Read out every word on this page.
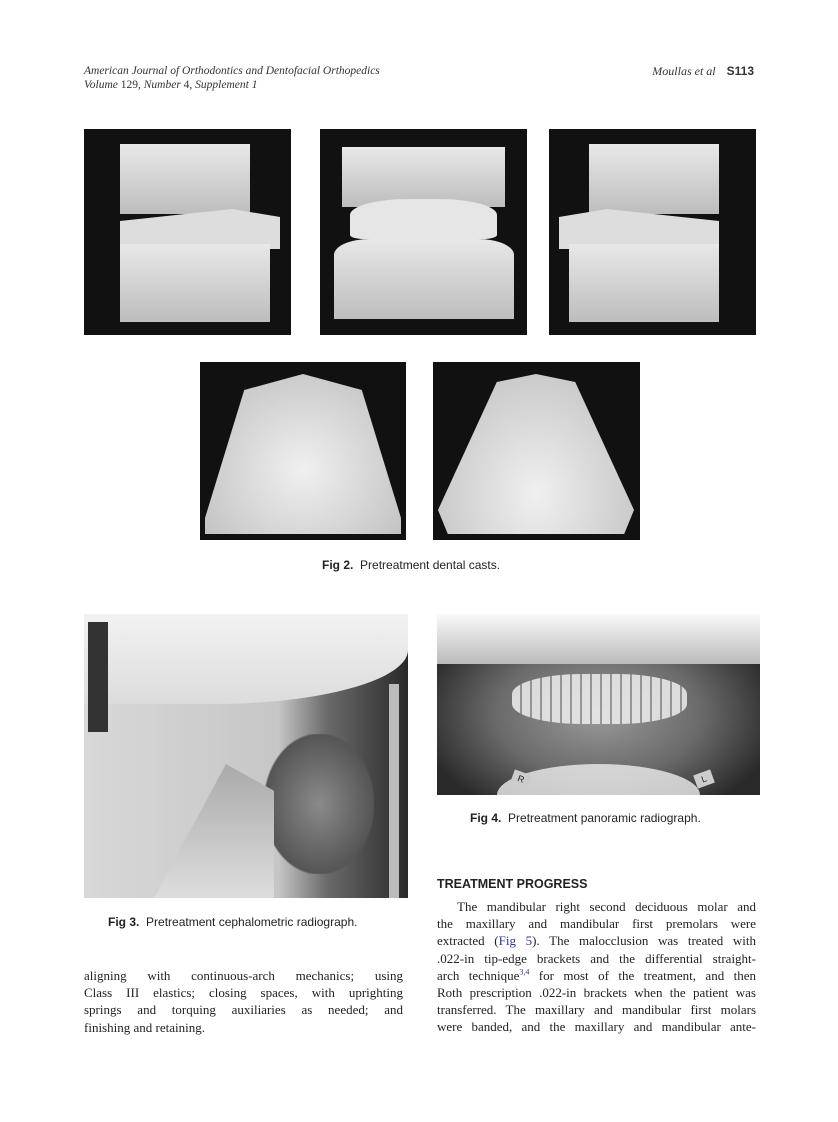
American Journal of Orthodontics and Dentofacial Orthopedics
Volume 129, Number 4, Supplement 1
Moullas et al S113
Fig 2. Pretreatment dental casts.
Fig 3. Pretreatment cephalometric radiograph.
R	L
Fig 4. Pretreatment panoramic radiograph.
aligning with continuous-arch mechanics; using
Class III elastics; closing spaces, with uprighting
springs and torquing auxiliaries as needed; and
finishing and retaining.
TREATMENT PROGRESS
The mandibular right second deciduous molar and
the maxillary and mandibular first premolars were
extracted (Fig 5). The malocclusion was treated with
.022-in tip-edge brackets and the differential straight-
arch technique$^{3,4}$ for most of the treatment, and then
Roth prescription .022-in brackets when the patient was
transferred. The maxillary and mandibular first molars
were banded, and the maxillary and mandibular ante-
